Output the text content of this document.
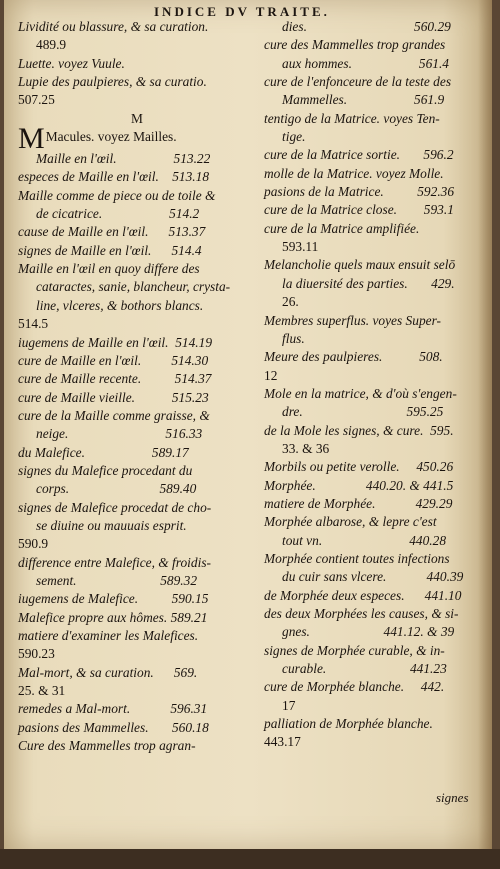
INDICE DV TRAITE.
Lividité ou blassure, & sa curation.
489.9
Luette. voyez Vuule.
Lupie des paulpieres, & sa curatio.
507.25
M
MMacules. voyez Mailles.
Maille en l'œil.                 513.22
especes de Maille en l'œil.    513.18
Maille comme de piece ou de toile &
de cicatrice.                    514.2
cause de Maille en l'œil.      513.37
signes de Maille en l'œil.      514.4
Maille en l'œil en quoy differe des
cataractes, sanie, blancheur, crysta-
line, vlceres, & bothors blancs.
514.5
iugemens de Maille en l'œil.  514.19
cure de Maille en l'œil.         514.30
cure de Maille recente.          514.37
cure de Maille vieille.           515.23
cure de la Maille comme graisse, &
neige.                             516.33
du Malefice.                    589.17
signes du Malefice procedant du
corps.                           589.40
signes de Malefice procedat de cho-
se diuine ou mauuais esprit.
590.9
difference entre Malefice, & froidis-
sement.                         589.32
iugemens de Malefice.          590.15
Malefice propre aux hômes. 589.21
matiere d'examiner les Malefices.
590.23
Mal-mort, & sa curation.      569.
25. & 31
remedes a Mal-mort.            596.31
pasions des Mammelles.       560.18
Cure des Mammelles trop agran-
dies.                                560.29
cure des Mammelles trop grandes
aux hommes.                    561.4
cure de l'enfonceure de la teste des
Mammelles.                    561.9
tentigo de la Matrice. voyes Ten-
tige.
cure de la Matrice sortie.       596.2
molle de la Matrice. voyez Molle.
pasions de la Matrice.          592.36
cure de la Matrice close.        593.1
cure de la Matrice amplifiée.
593.11
Melancholie quels maux ensuit selō
la diuersité des parties.       429.
26.
Membres superflus. voyes Super-
flus.
Meure des paulpieres.           508.
12
Mole en la matrice, & d'où s'engen-
dre.                               595.25
de la Mole les signes, & cure.  595.
33. & 36
Morbils ou petite verolle.     450.26
Morphée.               440.20. & 441.5
matiere de Morphée.            429.29
Morphée albarose, & lepre c'est
tout vn.                          440.28
Morphée contient toutes infections
du cuir sans vlcere.            440.39
de Morphée deux especes.      441.10
des deux Morphées les causes, & si-
gnes.                      441.12. & 39
signes de Morphée curable, & in-
curable.                         441.23
cure de Morphée blanche.     442.
17
palliation de Morphée blanche.
443.17
signes
